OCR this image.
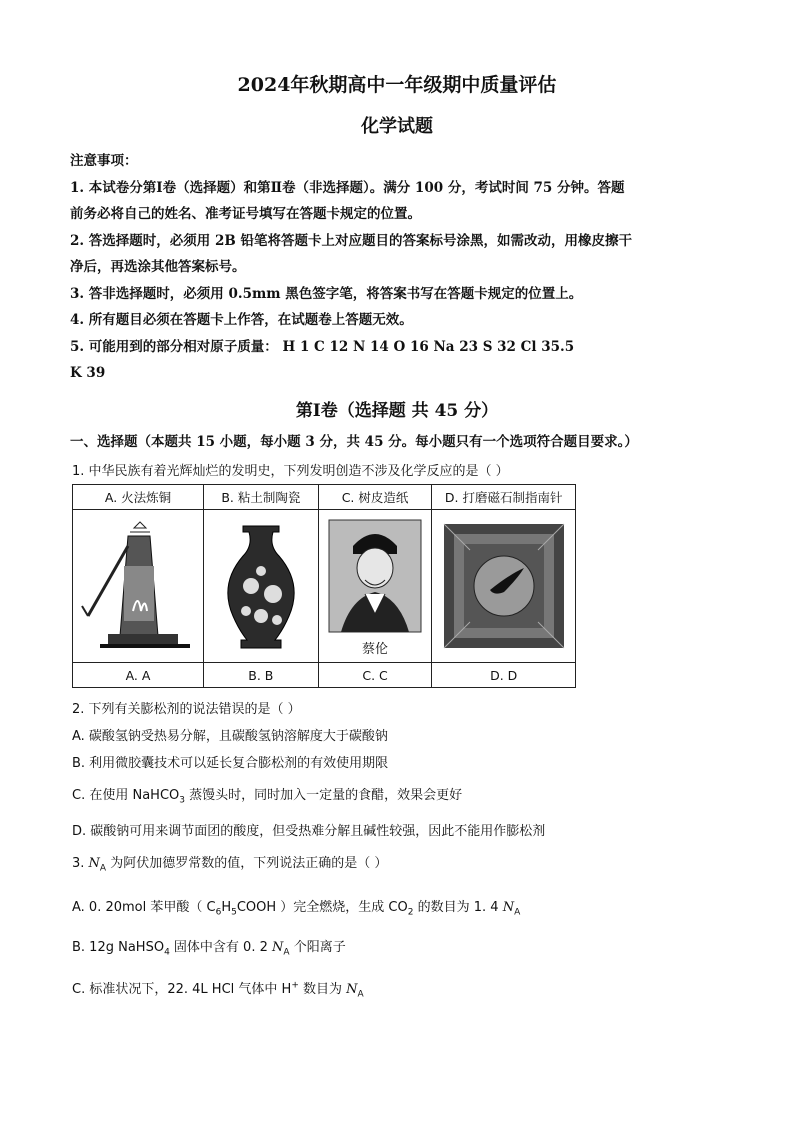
2024年秋期高中一年级期中质量评估
化学试题

注意事项：

1. 本试卷分第Ⅰ卷（选择题）和第Ⅱ卷（非选择题）。满分 100 分，考试时间 75 分钟。答题

前务必将自己的姓名、准考证号填写在答题卡规定的位置。

2. 答选择题时，必须用 2B 铅笔将答题卡上对应题目的答案标号涂黑，如需改动，用橡皮擦干

净后，再选涂其他答案标号。

3. 答非选择题时，必须用 0.5mm 黑色签字笔，将答案书写在答题卡规定的位置上。

4. 所有题目必须在答题卡上作答，在试题卷上答题无效。

5. 可能用到的部分相对原子质量： H 1 C 12 N 14 O 16 Na 23 S 32 Cl 35.5

K 39

第Ⅰ卷（选择题 共 45 分）
一、选择题（本题共 15 小题，每小题 3 分，共 45 分。每小题只有一个选项符合题目要求。）
1. 中华民族有着光辉灿烂的发明史，下列发明创造不涉及化学反应的是（ ）
A. 火法炼铜	B. 粘土制陶瓷	C. 树皮造纸	D. 打磨磁石制指南针

蔡伦

A. A	B. B	C. C	D. D
2. 下列有关膨松剂的说法错误的是（ ）
A. 碳酸氢钠受热易分解，且碳酸氢钠溶解度大于碳酸钠
B. 利用微胶囊技术可以延长复合膨松剂的有效使用期限
C. 在使用 NaHCO$_3$ 蒸馒头时，同时加入一定量的食醋，效果会更好
D. 碳酸钠可用来调节面团的酸度，但受热难分解且碱性较强，因此不能用作膨松剂
3. $N_A$ 为阿伏加德罗常数的值，下列说法正确的是（ ）
A. 0. 20mol 苯甲酸（ $C_6H_5COOH$ ）完全燃烧，生成 $CO_2$ 的数目为 1. 4 $N_A$
B. 12g NaHSO$_4$ 固体中含有 0. 2 $N_A$ 个阳离子
C. 标准状况下，22. 4L HCl 气体中 H+ 数目为 $N_A$
